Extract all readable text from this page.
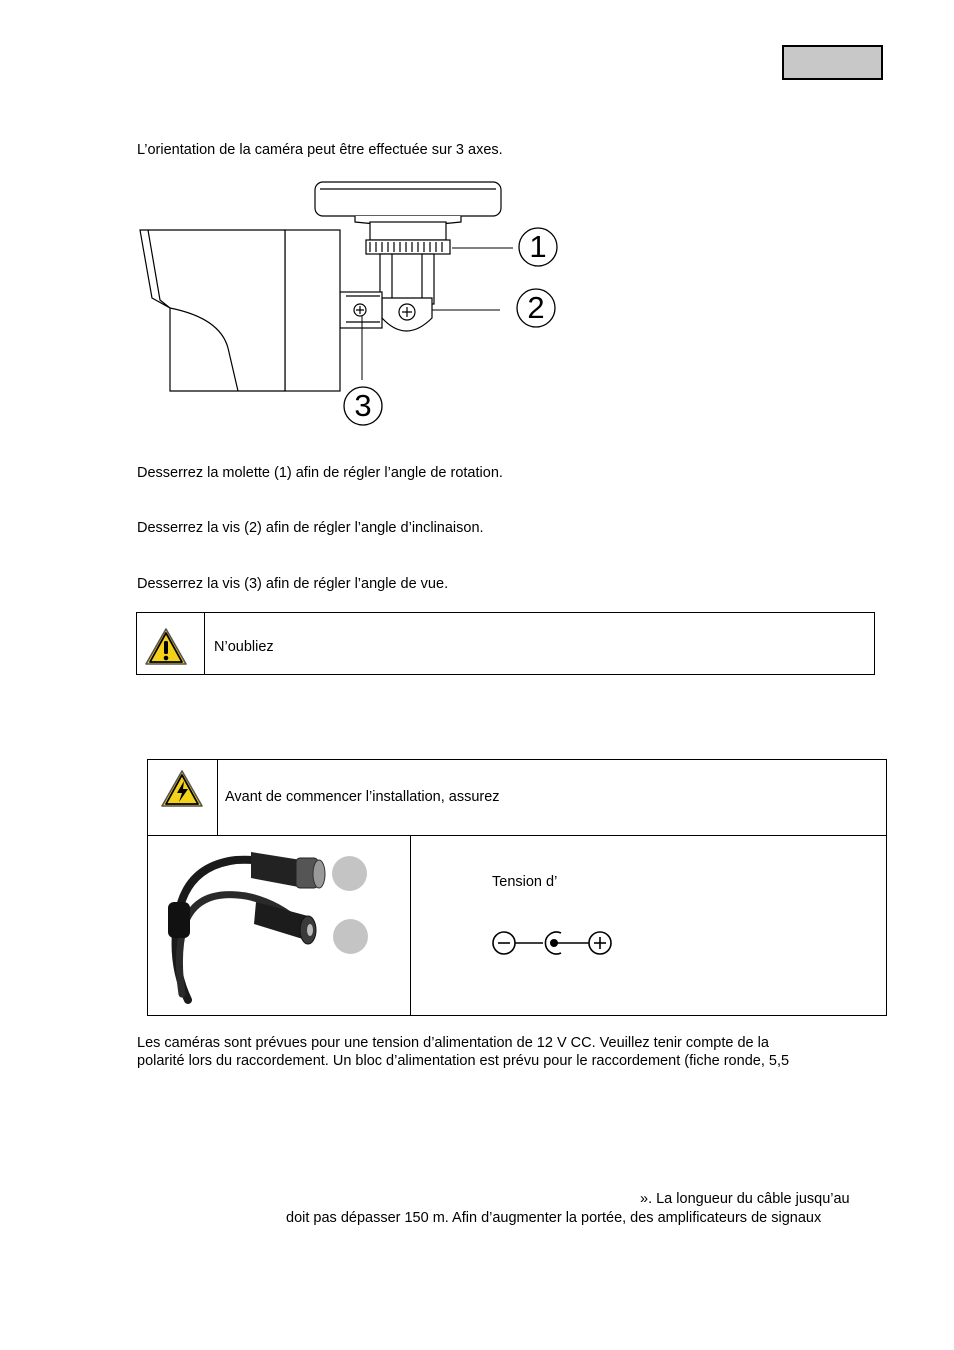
L’orientation de la caméra peut être effectuée sur 3 axes.
1
2
3
Desserrez la molette (1) afin de régler l’angle de rotation.
Desserrez la vis (2) afin de régler l’angle d’inclinaison.
Desserrez la vis (3) afin de régler l’angle de vue.
N’oubliez
Avant de commencer l’installation, assurez
Tension d’
Les caméras sont prévues pour une tension d’alimentation de 12 V CC. Veuillez tenir compte de la
polarité lors du raccordement. Un bloc d’alimentation est prévu pour le raccordement (fiche ronde, 5,5
». La longueur du câble jusqu’au
doit pas dépasser 150 m. Afin d’augmenter la portée, des amplificateurs de signaux
